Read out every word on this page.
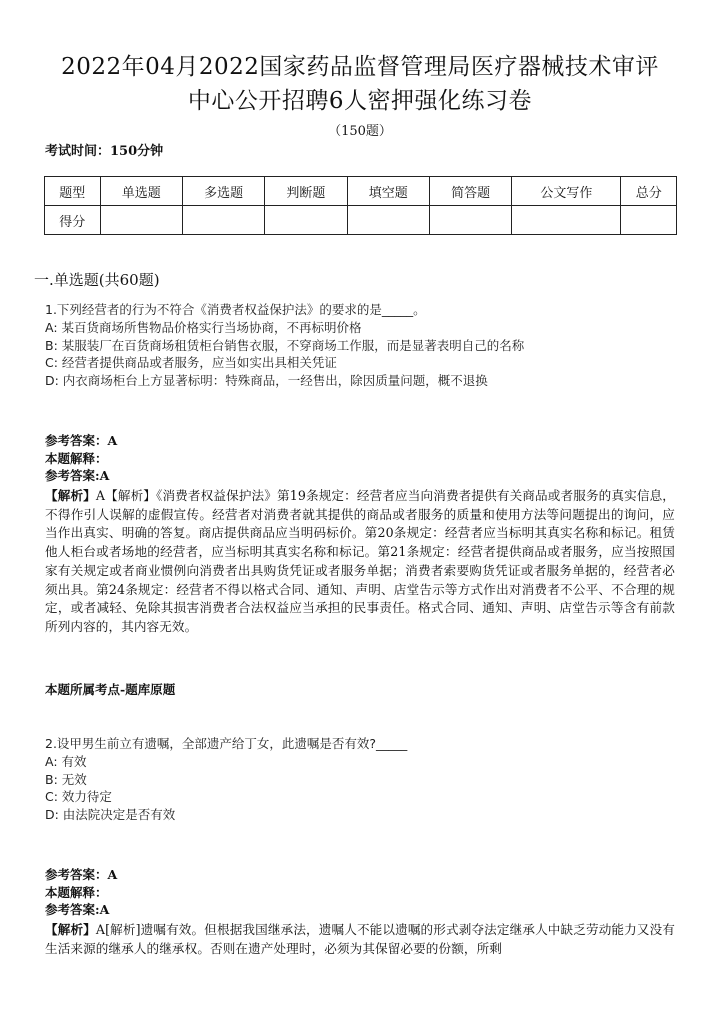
2022年04月2022国家药品监督管理局医疗器械技术审评
中心公开招聘6人密押强化练习卷
（150题）
考试时间：150分钟
题型	单选题	多选题	判断题	填空题	简答题	公文写作	总分
得分							
一.单选题(共60题)
1.下列经营者的行为不符合《消费者权益保护法》的要求的是_____。
A: 某百货商场所售物品价格实行当场协商，不再标明价格
B: 某服装厂在百货商场租赁柜台销售衣服，不穿商场工作服，而是显著表明自己的名称
C: 经营者提供商品或者服务，应当如实出具相关凭证
D: 内衣商场柜台上方显著标明：特殊商品，一经售出，除因质量问题，概不退换
参考答案：A
本题解释：
参考答案:A
【解析】A【解析】《消费者权益保护法》第19条规定：经营者应当向消费者提供有关商品或者服务的真实信息，不得作引人误解的虚假宣传。经营者对消费者就其提供的商品或者服务的质量和使用方法等问题提出的询问，应当作出真实、明确的答复。商店提供商品应当明码标价。第20条规定：经营者应当标明其真实名称和标记。租赁他人柜台或者场地的经营者，应当标明其真实名称和标记。第21条规定：经营者提供商品或者服务，应当按照国家有关规定或者商业惯例向消费者出具购货凭证或者服务单据；消费者索要购货凭证或者服务单据的，经营者必须出具。第24条规定：经营者不得以格式合同、通知、声明、店堂告示等方式作出对消费者不公平、不合理的规定，或者减轻、免除其损害消费者合法权益应当承担的民事责任。格式合同、通知、声明、店堂告示等含有前款所列内容的，其内容无效。
本题所属考点-题库原题
2.设甲男生前立有遗嘱，全部遗产给丁女，此遗嘱是否有效?_____
A: 有效
B: 无效
C: 效力待定
D: 由法院决定是否有效
参考答案：A
本题解释：
参考答案:A
【解析】A[解析]遗嘱有效。但根据我国继承法，遗嘱人不能以遗嘱的形式剥夺法定继承人中缺乏劳动能力又没有生活来源的继承人的继承权。否则在遗产处理时，必须为其保留必要的份额，所剩
